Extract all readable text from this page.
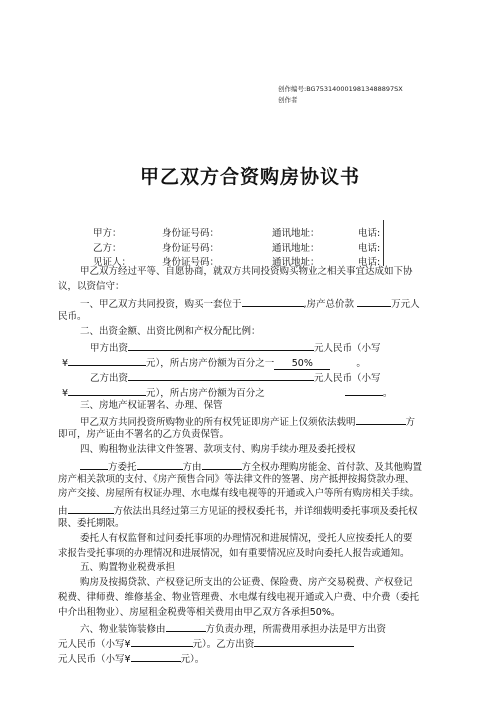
创作编号:BG7531400019813488897SX
创作者
甲乙双方合资购房协议书
甲方：	身份证号码：	通讯地址：	电话:
乙方：	身份证号码：	通讯地址：	电话:
见证人：	身份证号码：	通讯地址：	电话:
甲乙双方经过平等、自愿协商，就双方共同投资购买物业之相关事宜达成如下协
议，以资信守：
一、甲乙双方共同投资，购买一套位于	,房产总价款	万元人
民币。
二、出资金额、出资比例和产权分配比例：
甲方出资	元人民币（小写
¥	元），所占房产份额为百分之一 50%	。
乙方出资	元人民币（小写
¥	元），所占房产份额为百分之	。
三、房地产权证署名、办理、保管
甲乙双方共同投资所购物业的所有权凭证即房产证上仅须依法载明	方
即可，房产证由不署名的乙方负责保管。
四、购租物业法律文件签署、款项支付、购房手续办理及委托授权
方委托	方由	方全权办理购房能金、首付款、及其他购置
房产相关款项的支付、《房产预售合同》等法律文件的签署、房产抵押按揭贷款办理、
房产交接、房屋所有权证办理、水电煤有线电视等的开通或入户等所有购房相关手续。
由	方依法出具经过第三方见证的授权委托书，并详细载明委托事项及委托权
限、委托期限。
委托人有权监督和过问委托事项的办理情况和进展情况，受托人应按委托人的要
求报告受托事项的办理情况和进展情况，如有重要情况应及时向委托人报告或通知。
五、购置物业税费承担
购房及按揭贷款、产权登记所支出的公证费、保险费、房产交易税费、产权登记
税费、律师费、维修基金、物业管理费、水电煤有线电视开通或入户费、中介费（委托
中介出租物业）、房屋租金税费等相关费用由甲乙双方各承担50%。
六、物业装饰装修由	方负责办理，所需费用承担办法是甲方出资
元人民币（小写¥	元）。乙方出资
元人民币（小写¥	元）。
